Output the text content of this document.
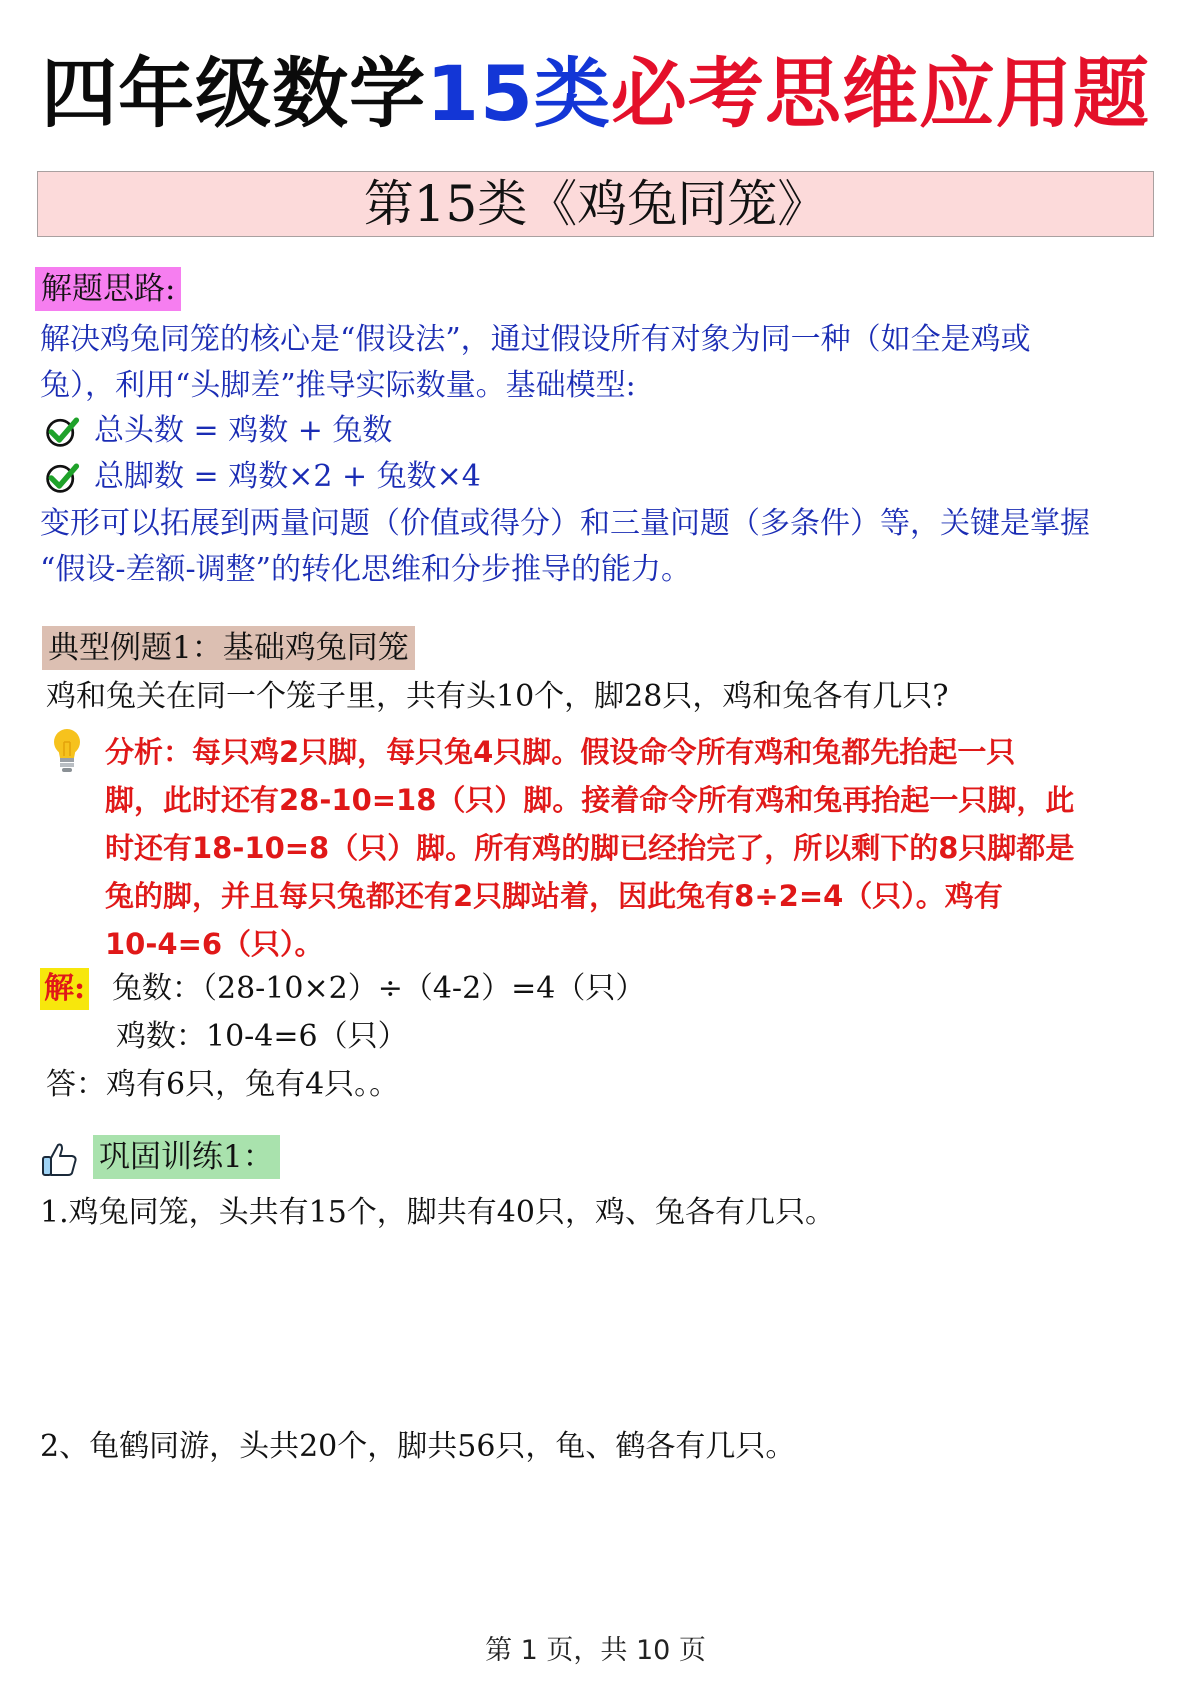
四年级数学15类必考思维应用题
第15类《鸡兔同笼》
解题思路:
解决鸡兔同笼的核心是“假设法”，通过假设所有对象为同一种（如全是鸡或
兔），利用“头脚差”推导实际数量。基础模型:
总头数 = 鸡数 + 兔数
总脚数 = 鸡数×2 + 兔数×4
变形可以拓展到两量问题（价值或得分）和三量问题（多条件）等，关键是掌握
“假设-差额-调整”的转化思维和分步推导的能力。
典型例题1：基础鸡兔同笼
鸡和兔关在同一个笼子里，共有头10个，脚28只，鸡和兔各有几只?
分析：每只鸡2只脚，每只兔4只脚。假设命令所有鸡和兔都先抬起一只
脚，此时还有28-10=18（只）脚。接着命令所有鸡和兔再抬起一只脚，此
时还有18-10=8（只）脚。所有鸡的脚已经抬完了，所以剩下的8只脚都是
兔的脚，并且每只兔都还有2只脚站着，因此兔有8÷2=4（只）。鸡有
10-4=6（只）。
解: 兔数：（28-10×2）÷（4-2）=4（只）
鸡数：10-4=6（只）
答：鸡有6只，兔有4只。。
巩固训练1：
1.鸡兔同笼，头共有15个，脚共有40只，鸡、兔各有几只。
2、龟鹤同游，头共20个，脚共56只，龟、鹤各有几只。
第 1 页，共 10 页
